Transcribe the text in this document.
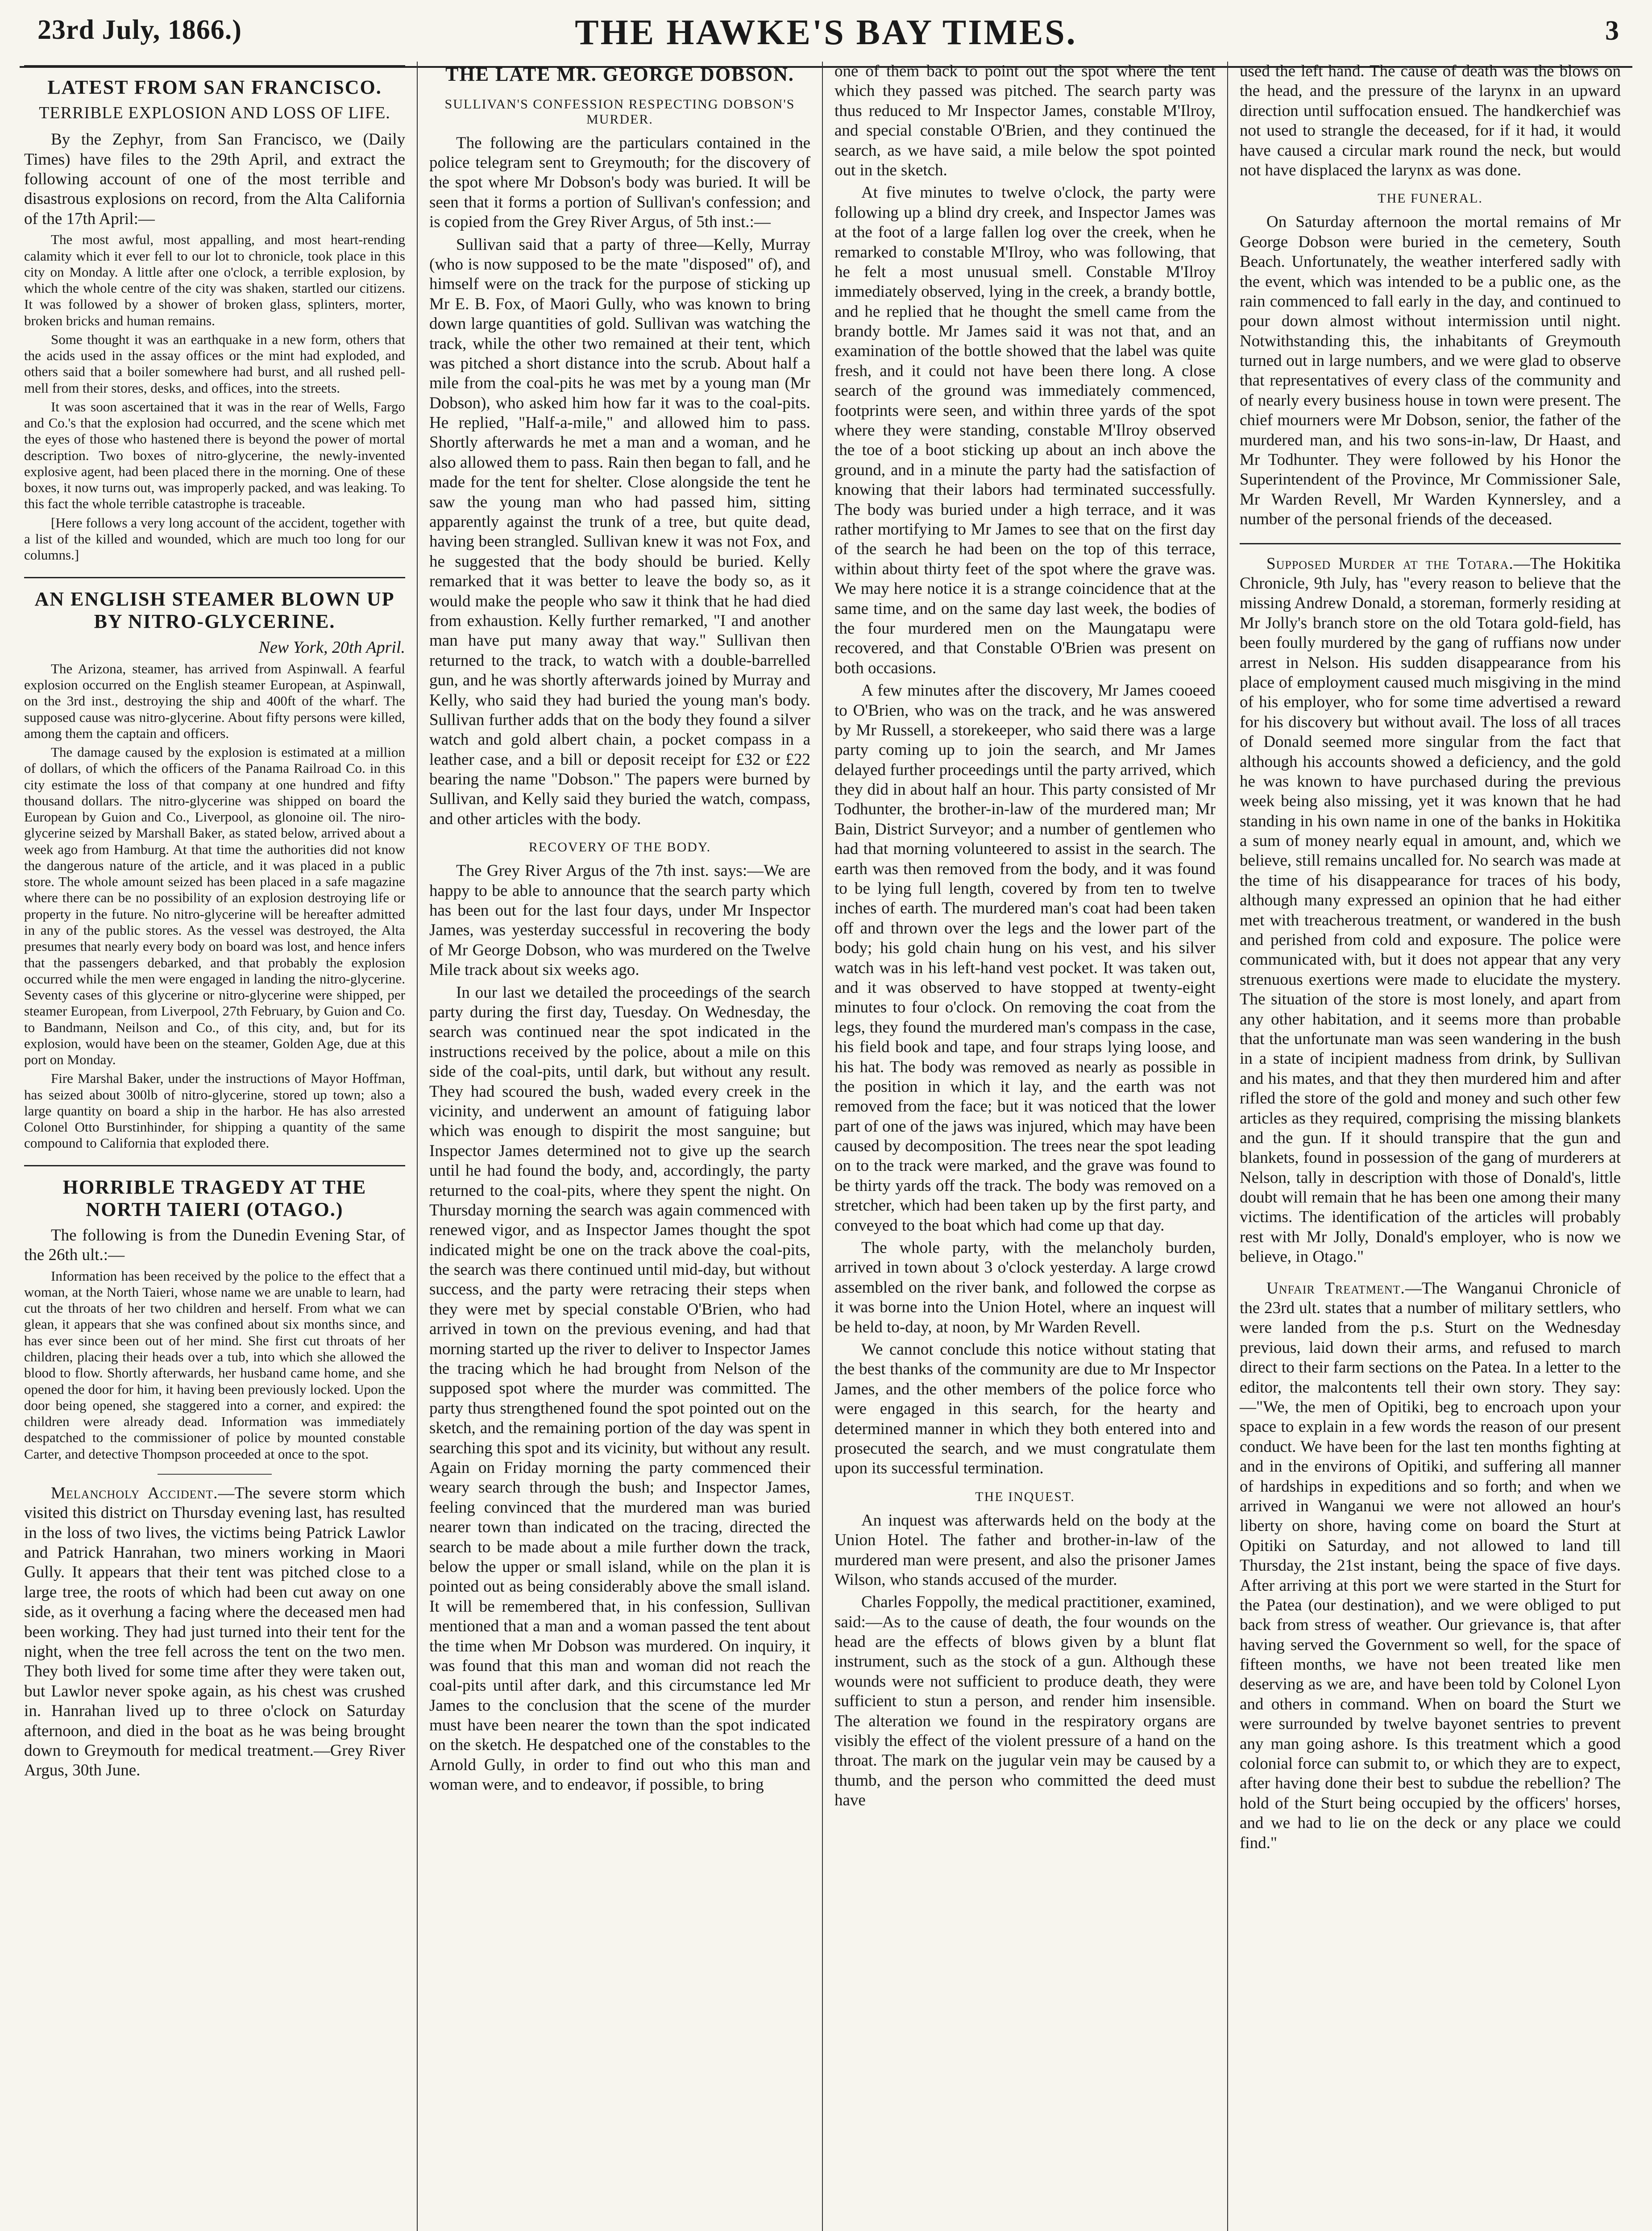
23rd July, 1866.)	THE HAWKE'S BAY TIMES.	3
LATEST FROM SAN FRANCISCO.
TERRIBLE EXPLOSION AND LOSS OF LIFE.

By the Zephyr, from San Francisco, we (Daily Times) have files to the 29th April, and extract the following account of one of the most terrible and disastrous explosions on record, from the Alta California of the 17th April:—

The most awful, most appalling, and most heart-rending calamity which it ever fell to our lot to chronicle, took place in this city on Monday. A little after one o'clock, a terrible explosion, by which the whole centre of the city was shaken, startled our citizens. It was followed by a shower of broken glass, splinters, morter, broken bricks and human remains.

Some thought it was an earthquake in a new form, others that the acids used in the assay offices or the mint had exploded, and others said that a boiler somewhere had burst, and all rushed pell-mell from their stores, desks, and offices, into the streets.

It was soon ascertained that it was in the rear of Wells, Fargo and Co.'s that the explosion had occurred, and the scene which met the eyes of those who hastened there is beyond the power of mortal description. Two boxes of nitro-glycerine, the newly-invented explosive agent, had been placed there in the morning. One of these boxes, it now turns out, was improperly packed, and was leaking. To this fact the whole terrible catastrophe is traceable.

[Here follows a very long account of the accident, together with a list of the killed and wounded, which are much too long for our columns.]

AN ENGLISH STEAMER BLOWN UP BY NITRO-GLYCERINE.
New York, 20th April.

The Arizona, steamer, has arrived from Aspinwall. A fearful explosion occurred on the English steamer European, at Aspinwall, on the 3rd inst., destroying the ship and 400ft of the wharf. The supposed cause was nitro-glycerine. About fifty persons were killed, among them the captain and officers.

The damage caused by the explosion is estimated at a million of dollars, of which the officers of the Panama Railroad Co. in this city estimate the loss of that company at one hundred and fifty thousand dollars. The nitro-glycerine was shipped on board the European by Guion and Co., Liverpool, as glonoine oil. The niro-glycerine seized by Marshall Baker, as stated below, arrived about a week ago from Hamburg. At that time the authorities did not know the dangerous nature of the article, and it was placed in a public store. The whole amount seized has been placed in a safe magazine where there can be no possibility of an explosion destroying life or property in the future. No nitro-glycerine will be hereafter admitted in any of the public stores. As the vessel was destroyed, the Alta presumes that nearly every body on board was lost, and hence infers that the passengers debarked, and that probably the explosion occurred while the men were engaged in landing the nitro-glycerine. Seventy cases of this glycerine or nitro-glycerine were shipped, per steamer European, from Liverpool, 27th February, by Guion and Co. to Bandmann, Neilson and Co., of this city, and, but for its explosion, would have been on the steamer, Golden Age, due at this port on Monday.

Fire Marshal Baker, under the instructions of Mayor Hoffman, has seized about 300lb of nitro-glycerine, stored up town; also a large quantity on board a ship in the harbor. He has also arrested Colonel Otto Burstinhinder, for shipping a quantity of the same compound to California that exploded there.

HORRIBLE TRAGEDY AT THE NORTH TAIERI (OTAGO.)

The following is from the Dunedin Evening Star, of the 26th ult.:—

Information has been received by the police to the effect that a woman, at the North Taieri, whose name we are unable to learn, had cut the throats of her two children and herself. From what we can glean, it appears that she was confined about six months since, and has ever since been out of her mind. She first cut throats of her children, placing their heads over a tub, into which she allowed the blood to flow. Shortly afterwards, her husband came home, and she opened the door for him, it having been previously locked. Upon the door being opened, she staggered into a corner, and expired: the children were already dead. Information was immediately despatched to the commissioner of police by mounted constable Carter, and detective Thompson proceeded at once to the spot.

Melancholy Accident.—The severe storm which visited this district on Thursday evening last, has resulted in the loss of two lives, the victims being Patrick Lawlor and Patrick Hanrahan, two miners working in Maori Gully. It appears that their tent was pitched close to a large tree, the roots of which had been cut away on one side, as it overhung a facing where the deceased men had been working. They had just turned into their tent for the night, when the tree fell across the tent on the two men. They both lived for some time after they were taken out, but Lawlor never spoke again, as his chest was crushed in. Hanrahan lived up to three o'clock on Saturday afternoon, and died in the boat as he was being brought down to Greymouth for medical treatment.—Grey River Argus, 30th June.

THE LATE MR. GEORGE DOBSON.
SULLIVAN'S CONFESSION RESPECTING DOBSON'S MURDER.

The following are the particulars contained in the police telegram sent to Greymouth; for the discovery of the spot where Mr Dobson's body was buried. It will be seen that it forms a portion of Sullivan's confession; and is copied from the Grey River Argus, of 5th inst.:—

Sullivan said that a party of three—Kelly, Murray (who is now supposed to be the mate "disposed" of), and himself were on the track for the purpose of sticking up Mr E. B. Fox, of Maori Gully, who was known to bring down large quantities of gold. Sullivan was watching the track, while the other two remained at their tent, which was pitched a short distance into the scrub. About half a mile from the coal-pits he was met by a young man (Mr Dobson), who asked him how far it was to the coal-pits. He replied, "Half-a-mile," and allowed him to pass. Shortly afterwards he met a man and a woman, and he also allowed them to pass. Rain then began to fall, and he made for the tent for shelter. Close alongside the tent he saw the young man who had passed him, sitting apparently against the trunk of a tree, but quite dead, having been strangled. Sullivan knew it was not Fox, and he suggested that the body should be buried. Kelly remarked that it was better to leave the body so, as it would make the people who saw it think that he had died from exhaustion. Kelly further remarked, "I and another man have put many away that way." Sullivan then returned to the track, to watch with a double-barrelled gun, and he was shortly afterwards joined by Murray and Kelly, who said they had buried the young man's body. Sullivan further adds that on the body they found a silver watch and gold albert chain, a pocket compass in a leather case, and a bill or deposit receipt for £32 or £22 bearing the name "Dobson." The papers were burned by Sullivan, and Kelly said they buried the watch, compass, and other articles with the body.

RECOVERY OF THE BODY.

The Grey River Argus of the 7th inst. says:—We are happy to be able to announce that the search party which has been out for the last four days, under Mr Inspector James, was yesterday successful in recovering the body of Mr George Dobson, who was murdered on the Twelve Mile track about six weeks ago.

In our last we detailed the proceedings of the search party during the first day, Tuesday. On Wednesday, the search was continued near the spot indicated in the instructions received by the police, about a mile on this side of the coal-pits, until dark, but without any result. They had scoured the bush, waded every creek in the vicinity, and underwent an amount of fatiguing labor which was enough to dispirit the most sanguine; but Inspector James determined not to give up the search until he had found the body, and, accordingly, the party returned to the coal-pits, where they spent the night. On Thursday morning the search was again commenced with renewed vigor, and as Inspector James thought the spot indicated might be one on the track above the coal-pits, the search was there continued until mid-day, but without success, and the party were retracing their steps when they were met by special constable O'Brien, who had arrived in town on the previous evening, and had that morning started up the river to deliver to Inspector James the tracing which he had brought from Nelson of the supposed spot where the murder was committed. The party thus strengthened found the spot pointed out on the sketch, and the remaining portion of the day was spent in searching this spot and its vicinity, but without any result. Again on Friday morning the party commenced their weary search through the bush; and Inspector James, feeling convinced that the murdered man was buried nearer town than indicated on the tracing, directed the search to be made about a mile further down the track, below the upper or small island, while on the plan it is pointed out as being considerably above the small island. It will be remembered that, in his confession, Sullivan mentioned that a man and a woman passed the tent about the time when Mr Dobson was murdered. On inquiry, it was found that this man and woman did not reach the coal-pits until after dark, and this circumstance led Mr James to the conclusion that the scene of the murder must have been nearer the town than the spot indicated on the sketch. He despatched one of the constables to the Arnold Gully, in order to find out who this man and woman were, and to endeavor, if possible, to bring

one of them back to point out the spot where the tent which they passed was pitched. The search party was thus reduced to Mr Inspector James, constable M'Ilroy, and special constable O'Brien, and they continued the search, as we have said, a mile below the spot pointed out in the sketch.

At five minutes to twelve o'clock, the party were following up a blind dry creek, and Inspector James was at the foot of a large fallen log over the creek, when he remarked to constable M'Ilroy, who was following, that he felt a most unusual smell. Constable M'Ilroy immediately observed, lying in the creek, a brandy bottle, and he replied that he thought the smell came from the brandy bottle. Mr James said it was not that, and an examination of the bottle showed that the label was quite fresh, and it could not have been there long. A close search of the ground was immediately commenced, footprints were seen, and within three yards of the spot where they were standing, constable M'Ilroy observed the toe of a boot sticking up about an inch above the ground, and in a minute the party had the satisfaction of knowing that their labors had terminated successfully. The body was buried under a high terrace, and it was rather mortifying to Mr James to see that on the first day of the search he had been on the top of this terrace, within about thirty feet of the spot where the grave was. We may here notice it is a strange coincidence that at the same time, and on the same day last week, the bodies of the four murdered men on the Maungatapu were recovered, and that Constable O'Brien was present on both occasions.

A few minutes after the discovery, Mr James cooeed to O'Brien, who was on the track, and he was answered by Mr Russell, a storekeeper, who said there was a large party coming up to join the search, and Mr James delayed further proceedings until the party arrived, which they did in about half an hour. This party consisted of Mr Todhunter, the brother-in-law of the murdered man; Mr Bain, District Surveyor; and a number of gentlemen who had that morning volunteered to assist in the search. The earth was then removed from the body, and it was found to be lying full length, covered by from ten to twelve inches of earth. The murdered man's coat had been taken off and thrown over the legs and the lower part of the body; his gold chain hung on his vest, and his silver watch was in his left-hand vest pocket. It was taken out, and it was observed to have stopped at twenty-eight minutes to four o'clock. On removing the coat from the legs, they found the murdered man's compass in the case, his field book and tape, and four straps lying loose, and his hat. The body was removed as nearly as possible in the position in which it lay, and the earth was not removed from the face; but it was noticed that the lower part of one of the jaws was injured, which may have been caused by decomposition. The trees near the spot leading on to the track were marked, and the grave was found to be thirty yards off the track. The body was removed on a stretcher, which had been taken up by the first party, and conveyed to the boat which had come up that day.

The whole party, with the melancholy burden, arrived in town about 3 o'clock yesterday. A large crowd assembled on the river bank, and followed the corpse as it was borne into the Union Hotel, where an inquest will be held to-day, at noon, by Mr Warden Revell.

We cannot conclude this notice without stating that the best thanks of the community are due to Mr Inspector James, and the other members of the police force who were engaged in this search, for the hearty and determined manner in which they both entered into and prosecuted the search, and we must congratulate them upon its successful termination.

THE INQUEST.

An inquest was afterwards held on the body at the Union Hotel. The father and brother-in-law of the murdered man were present, and also the prisoner James Wilson, who stands accused of the murder.

Charles Foppolly, the medical practitioner, examined, said:—As to the cause of death, the four wounds on the head are the effects of blows given by a blunt flat instrument, such as the stock of a gun. Although these wounds were not sufficient to produce death, they were sufficient to stun a person, and render him insensible. The alteration we found in the respiratory organs are visibly the effect of the violent pressure of a hand on the throat. The mark on the jugular vein may be caused by a thumb, and the person who committed the deed must have

used the left hand. The cause of death was the blows on the head, and the pressure of the larynx in an upward direction until suffocation ensued. The handkerchief was not used to strangle the deceased, for if it had, it would have caused a circular mark round the neck, but would not have displaced the larynx as was done.

THE FUNERAL.

On Saturday afternoon the mortal remains of Mr George Dobson were buried in the cemetery, South Beach. Unfortunately, the weather interfered sadly with the event, which was intended to be a public one, as the rain commenced to fall early in the day, and continued to pour down almost without intermission until night. Notwithstanding this, the inhabitants of Greymouth turned out in large numbers, and we were glad to observe that representatives of every class of the community and of nearly every business house in town were present. The chief mourners were Mr Dobson, senior, the father of the murdered man, and his two sons-in-law, Dr Haast, and Mr Todhunter. They were followed by his Honor the Superintendent of the Province, Mr Commissioner Sale, Mr Warden Revell, Mr Warden Kynnersley, and a number of the personal friends of the deceased.

Supposed Murder at the Totara.—The Hokitika Chronicle, 9th July, has "every reason to believe that the missing Andrew Donald, a storeman, formerly residing at Mr Jolly's branch store on the old Totara gold-field, has been foully murdered by the gang of ruffians now under arrest in Nelson. His sudden disappearance from his place of employment caused much misgiving in the mind of his employer, who for some time advertised a reward for his discovery but without avail. The loss of all traces of Donald seemed more singular from the fact that although his accounts showed a deficiency, and the gold he was known to have purchased during the previous week being also missing, yet it was known that he had standing in his own name in one of the banks in Hokitika a sum of money nearly equal in amount, and, which we believe, still remains uncalled for. No search was made at the time of his disappearance for traces of his body, although many expressed an opinion that he had either met with treacherous treatment, or wandered in the bush and perished from cold and exposure. The police were communicated with, but it does not appear that any very strenuous exertions were made to elucidate the mystery. The situation of the store is most lonely, and apart from any other habitation, and it seems more than probable that the unfortunate man was seen wandering in the bush in a state of incipient madness from drink, by Sullivan and his mates, and that they then murdered him and after rifled the store of the gold and money and such other few articles as they required, comprising the missing blankets and the gun. If it should transpire that the gun and blankets, found in possession of the gang of murderers at Nelson, tally in description with those of Donald's, little doubt will remain that he has been one among their many victims. The identification of the articles will probably rest with Mr Jolly, Donald's employer, who is now we believe, in Otago."

Unfair Treatment.—The Wanganui Chronicle of the 23rd ult. states that a number of military settlers, who were landed from the p.s. Sturt on the Wednesday previous, laid down their arms, and refused to march direct to their farm sections on the Patea. In a letter to the editor, the malcontents tell their own story. They say:—"We, the men of Opitiki, beg to encroach upon your space to explain in a few words the reason of our present conduct. We have been for the last ten months fighting at and in the environs of Opitiki, and suffering all manner of hardships in expeditions and so forth; and when we arrived in Wanganui we were not allowed an hour's liberty on shore, having come on board the Sturt at Opitiki on Saturday, and not allowed to land till Thursday, the 21st instant, being the space of five days. After arriving at this port we were started in the Sturt for the Patea (our destination), and we were obliged to put back from stress of weather. Our grievance is, that after having served the Government so well, for the space of fifteen months, we have not been treated like men deserving as we are, and have been told by Colonel Lyon and others in command. When on board the Sturt we were surrounded by twelve bayonet sentries to prevent any man going ashore. Is this treatment which a good colonial force can submit to, or which they are to expect, after having done their best to subdue the rebellion? The hold of the Sturt being occupied by the officers' horses, and we had to lie on the deck or any place we could find."
